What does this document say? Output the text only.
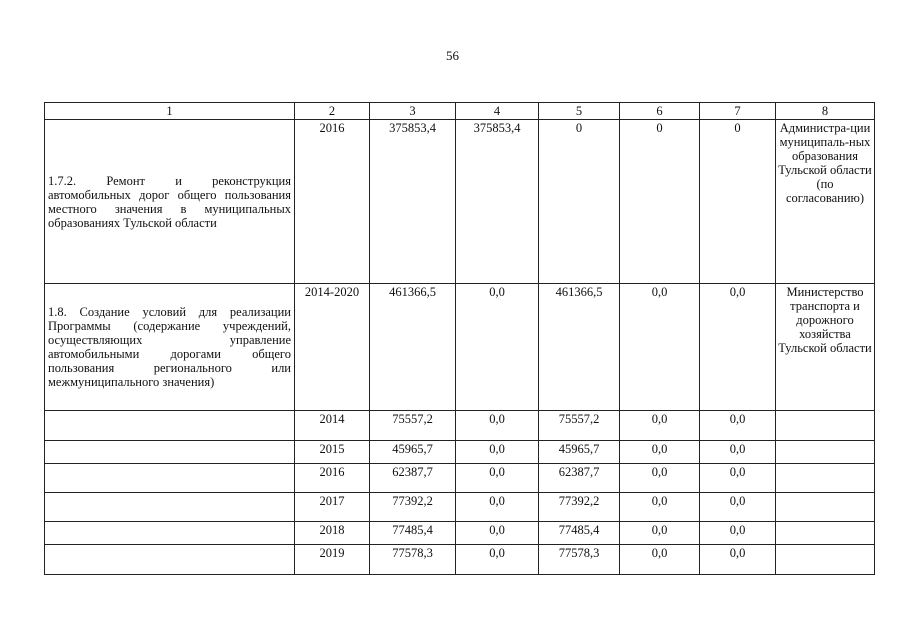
56
1	2	3	4	5	6	7	8
1.7.2. Ремонт и реконструкция автомобильных дорог общего пользования местного значения в муниципальных образованиях Тульской области	2016	375853,4	375853,4	0	0	0	Администра-ции муниципаль-ных образования Тульской области (по согласованию)
1.8. Создание условий для реализации Программы (содержание учреждений, осуществляющих управление автомобильными дорогами общего пользования регионального или межмуниципального значения)	2014-2020	461366,5	0,0	461366,5	0,0	0,0	Министерство транспорта и дорожного хозяйства Тульской области
	2014	75557,2	0,0	75557,2	0,0	0,0	
	2015	45965,7	0,0	45965,7	0,0	0,0	
	2016	62387,7	0,0	62387,7	0,0	0,0	
	2017	77392,2	0,0	77392,2	0,0	0,0	
	2018	77485,4	0,0	77485,4	0,0	0,0	
	2019	77578,3	0,0	77578,3	0,0	0,0	
